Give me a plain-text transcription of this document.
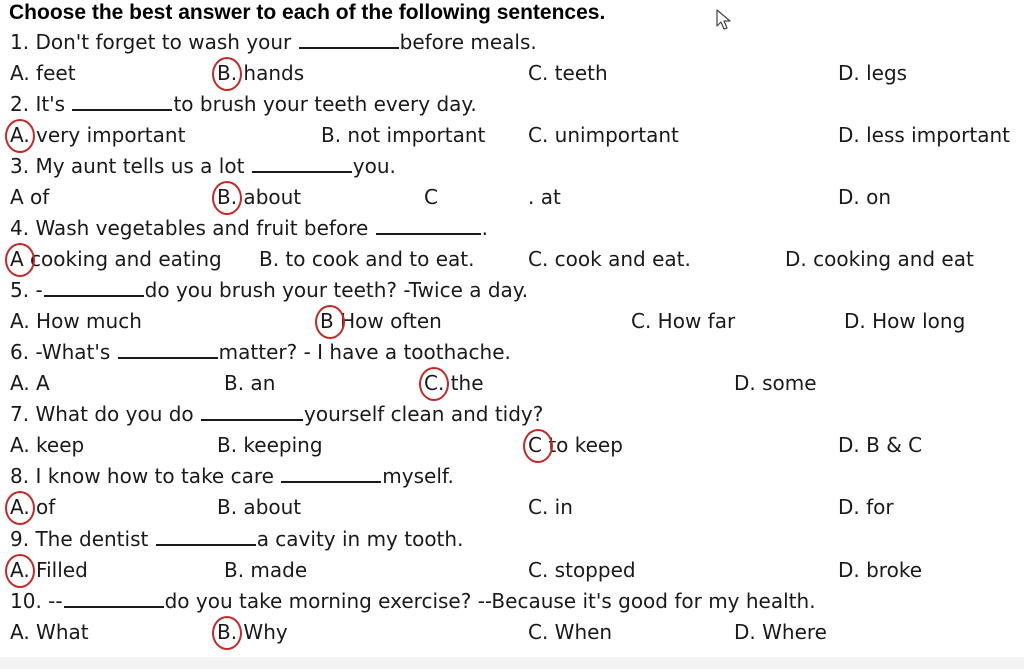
Choose the best answer to each of the following sentences.
1. Don't forget to wash your	before meals.
A. feet	B. hands	C. teeth	D. legs
2. It's	to brush your teeth every day.
A. very important	B. not important C. unimportant	D. less important
3. My aunt tells us a lot	you.
A of	B. about	C	. at	D. on
4. Wash vegetables and fruit before	.
A cooking and eating B. to cook and to eat.	C. cook and eat.	D. cooking and eat
5. -	do you brush your teeth? -Twice a day.
A. How much	B How often	C. How far	D. How long
6. -What's	matter? - I have a toothache.
A. A	B. an	C. the	D. some
7. What do you do	yourself clean and tidy?
A. keep	B. keeping	C to keep	D. B & C
8. I know how to take care	myself.
A. of	B. about	C. in	D. for
9. The dentist	a cavity in my tooth.
A. Filled	B. made	C. stopped	D. broke
10. --	do you take morning exercise? --Because it's good for my health.
A. What	B. Why	C. When	D. Where
